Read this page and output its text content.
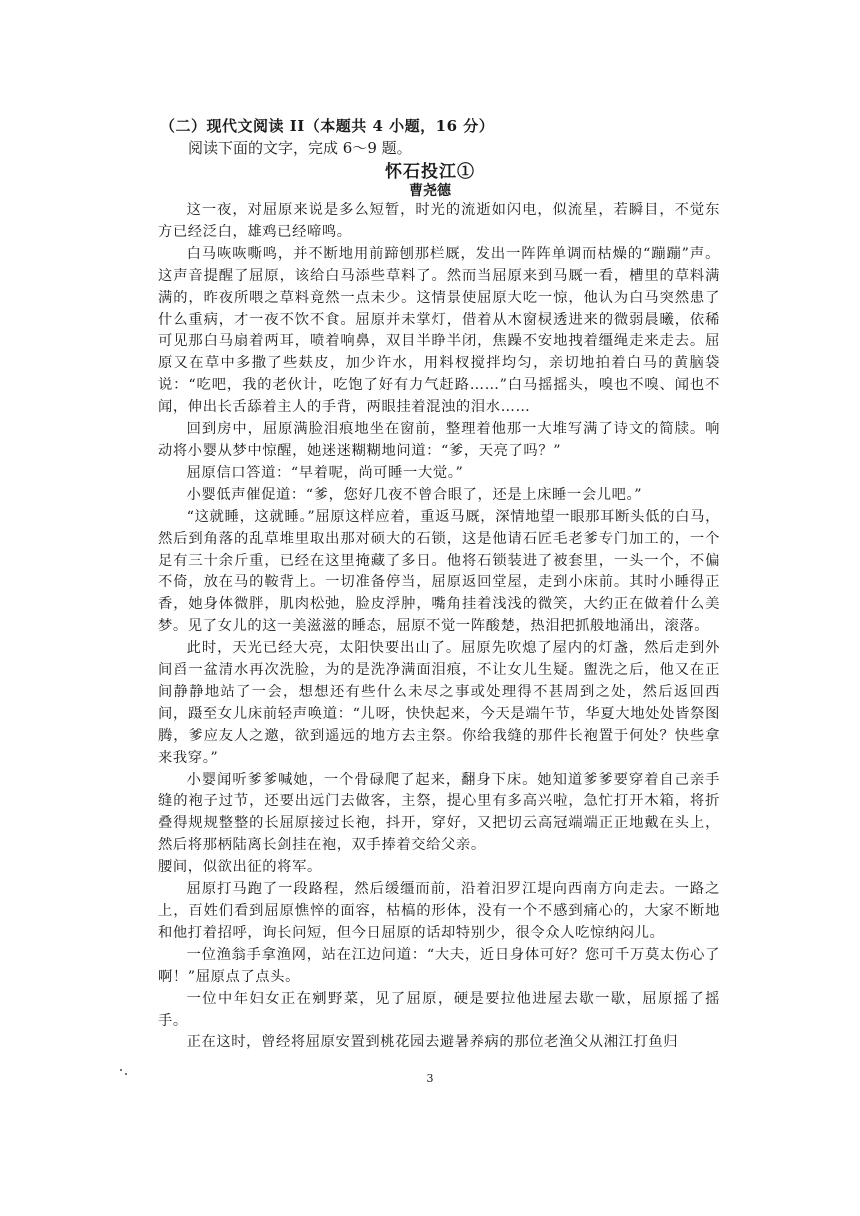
（二）现代文阅读 II（本题共 4 小题，16 分）
阅读下面的文字，完成 6～9 题。
怀石投江①
曹尧德

这一夜，对屈原来说是多么短暂，时光的流逝如闪电，似流星，若瞬目，不觉东方已经泛白，雄鸡已经啼鸣。

白马咴咴嘶鸣，并不断地用前蹄刨那栏厩，发出一阵阵单调而枯燥的“蹦蹦”声。这声音提醒了屈原，该给白马添些草料了。然而当屈原来到马厩一看，槽里的草料满满的，昨夜所喂之草料竟然一点未少。这情景使屈原大吃一惊，他认为白马突然患了什么重病，才一夜不饮不食。屈原并未掌灯，借着从木窗棂透进来的微弱晨曦，依稀可见那白马扇着两耳，喷着响鼻，双目半睁半闭，焦躁不安地拽着缰绳走来走去。屈原又在草中多撒了些麸皮，加少许水，用料杈搅拌均匀，亲切地拍着白马的黄脑袋说：“吃吧，我的老伙计，吃饱了好有力气赶路……”白马摇摇头，嗅也不嗅、闻也不闻，伸出长舌舔着主人的手背，两眼挂着混浊的泪水……

回到房中，屈原满脸泪痕地坐在窗前，整理着他那一大堆写满了诗文的简牍。响动将小婴从梦中惊醒，她迷迷糊糊地问道：“爹，天亮了吗？”

屈原信口答道：“早着呢，尚可睡一大觉。”

小婴低声催促道：“爹，您好几夜不曾合眼了，还是上床睡一会儿吧。”

“这就睡，这就睡。”屈原这样应着，重返马厩，深情地望一眼那耳断头低的白马，然后到角落的乱草堆里取出那对硕大的石锁，这是他请石匠毛老爹专门加工的，一个足有三十余斤重，已经在这里掩藏了多日。他将石锁装进了被套里，一头一个，不偏不倚，放在马的鞍背上。一切准备停当，屈原返回堂屋，走到小床前。其时小睡得正香，她身体微胖，肌肉松弛，脸皮浮肿，嘴角挂着浅浅的微笑，大约正在做着什么美梦。见了女儿的这一美滋滋的睡态，屈原不觉一阵酸楚，热泪把抓般地涌出，滚落。

此时，天光已经大亮，太阳快要出山了。屈原先吹熄了屋内的灯盏，然后走到外间舀一盆清水再次洗脸，为的是洗净满面泪痕，不让女儿生疑。盥洗之后，他又在正间静静地站了一会，想想还有些什么未尽之事或处理得不甚周到之处，然后返回西间，蹑至女儿床前轻声唤道：“儿呀，快快起来，今天是端午节，华夏大地处处皆祭图腾，爹应友人之邀，欲到遥远的地方去主祭。你给我缝的那件长袍置于何处？快些拿来我穿。”

小婴闻听爹爹喊她，一个骨碌爬了起来，翻身下床。她知道爹爹要穿着自己亲手缝的袍子过节，还要出远门去做客，主祭，提心里有多高兴啦，急忙打开木箱，将折叠得规规整整的长屈原接过长袍，抖开，穿好，又把切云高冠端端正正地戴在头上，然后将那柄陆离长剑挂在袍，双手捧着交给父亲。

腰间，似欲出征的将军。

屈原打马跑了一段路程，然后缓缰而前，沿着汨罗江堤向西南方向走去。一路之上，百姓们看到屈原憔悴的面容，枯槁的形体，没有一个不感到痛心的，大家不断地和他打着招呼，询长问短，但今日屈原的话却特别少，很令众人吃惊纳闷儿。

一位渔翁手拿渔网，站在江边问道：“大夫，近日身体可好？您可千万莫太伤心了啊！”屈原点了点头。

一位中年妇女正在剜野菜，见了屈原，硬是要拉他进屋去歇一歇，屈原摇了摇手。

正在这时，曾经将屈原安置到桃花园去避暑养病的那位老渔父从湘江打鱼归

3
